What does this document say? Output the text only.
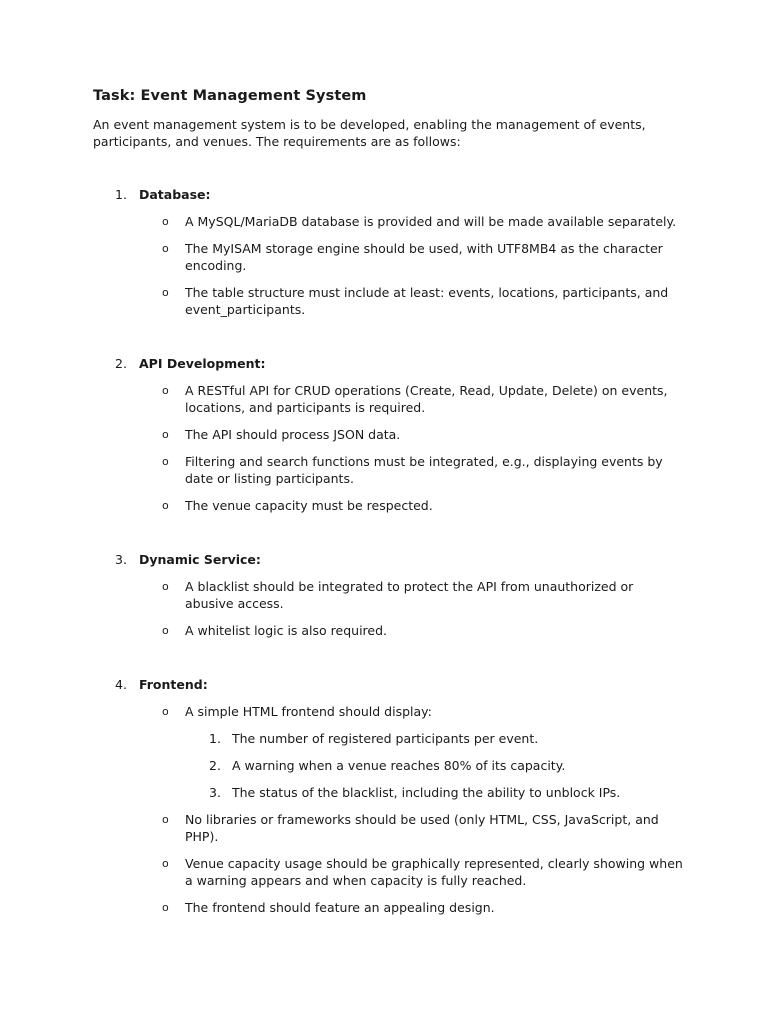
Task: Event Management System
An event management system is to be developed, enabling the management of events, participants, and venues. The requirements are as follows:
1. Database:
o A MySQL/MariaDB database is provided and will be made available separately.
o The MyISAM storage engine should be used, with UTF8MB4 as the character encoding.
o The table structure must include at least: events, locations, participants, and event_participants.
2. API Development:
o A RESTful API for CRUD operations (Create, Read, Update, Delete) on events, locations, and participants is required.
o The API should process JSON data.
o Filtering and search functions must be integrated, e.g., displaying events by date or listing participants.
o The venue capacity must be respected.
3. Dynamic Service:
o A blacklist should be integrated to protect the API from unauthorized or abusive access.
o A whitelist logic is also required.
4. Frontend:
o A simple HTML frontend should display:
1. The number of registered participants per event.
2. A warning when a venue reaches 80% of its capacity.
3. The status of the blacklist, including the ability to unblock IPs.
o No libraries or frameworks should be used (only HTML, CSS, JavaScript, and PHP).
o Venue capacity usage should be graphically represented, clearly showing when a warning appears and when capacity is fully reached.
o The frontend should feature an appealing design.
